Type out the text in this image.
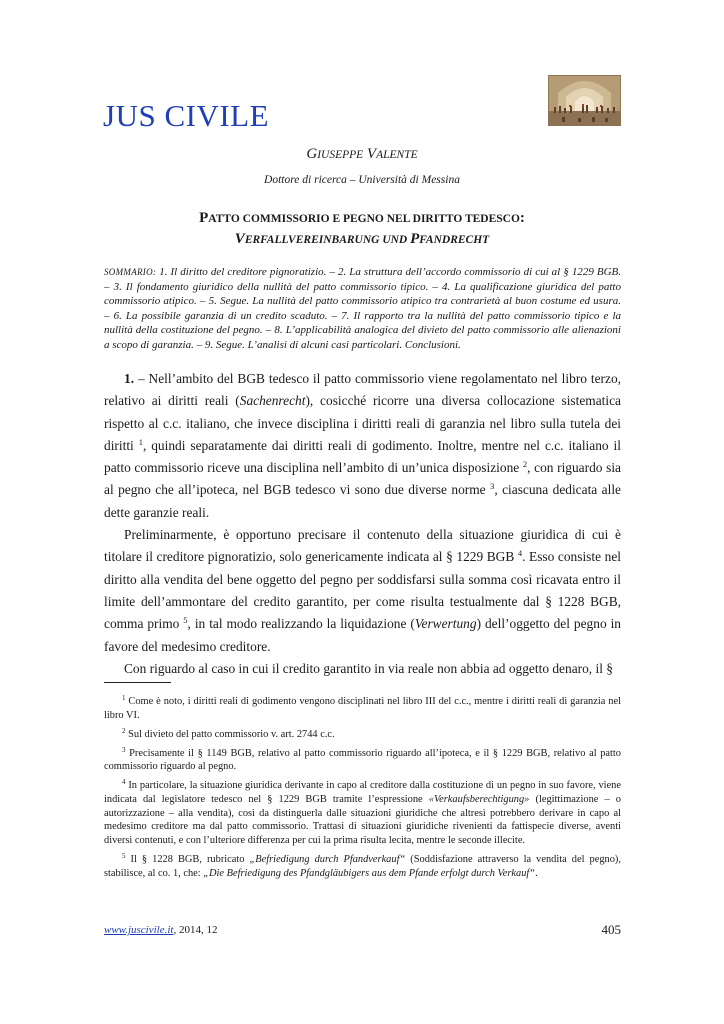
JUS CIVILE
GIUSEPPE VALENTE
Dottore di ricerca – Università di Messina
PATTO COMMISSORIO E PEGNO NEL DIRITTO TEDESCO:
VERFALLVEREINBARUNG UND PFANDRECHT
SOMMARIO: 1. Il diritto del creditore pignoratizio. – 2. La struttura dell’accordo commissorio di cui al § 1229 BGB. – 3. Il fondamento giuridico della nullità del patto commissorio tipico. – 4. La qualificazione giuridica del patto commissorio atipico. – 5. Segue. La nullità del patto commissorio atipico tra contrarietà al buon costume ed usura. – 6. La possibile garanzia di un credito scaduto. – 7. Il rapporto tra la nullità del patto commissorio tipico e la nullità della costituzione del pegno. – 8. L’applicabilità analogica del divieto del patto commissorio alle alienazioni a scopo di garanzia. – 9. Segue. L’analisi di alcuni casi particolari. Conclusioni.

1. – Nell’ambito del BGB tedesco il patto commissorio viene regolamentato nel libro terzo, relativo ai diritti reali (Sachenrecht), cosicché ricorre una diversa collocazione sistematica rispetto al c.c. italiano, che invece disciplina i diritti reali di garanzia nel libro sulla tutela dei diritti $^1$, quindi separatamente dai diritti reali di godimento. Inoltre, mentre nel c.c. italiano il patto commissorio riceve una disciplina nell’ambito di un’unica disposizione $^2$, con riguardo sia al pegno che all’ipoteca, nel BGB tedesco vi sono due diverse norme $^3$, ciascuna dedicata alle dette garanzie reali.

Preliminarmente, è opportuno precisare il contenuto della situazione giuridica di cui è titolare il creditore pignoratizio, solo genericamente indicata al § 1229 BGB $^4$. Esso consiste nel diritto alla vendita del bene oggetto del pegno per soddisfarsi sulla somma così ricavata entro il limite dell’ammontare del credito garantito, per come risulta testualmente dal § 1228 BGB, comma primo $^5$, in tal modo realizzando la liquidazione (Verwertung) dell’oggetto del pegno in favore del medesimo creditore.

Con riguardo al caso in cui il credito garantito in via reale non abbia ad oggetto denaro, il §

$^1$ Come è noto, i diritti reali di godimento vengono disciplinati nel libro III del c.c., mentre i diritti reali di garanzia nel libro VI.

$^2$ Sul divieto del patto commissorio v. art. 2744 c.c.

$^3$ Precisamente il § 1149 BGB, relativo al patto commissorio riguardo all’ipoteca, e il § 1229 BGB, relativo al patto commissorio riguardo al pegno.

$^4$ In particolare, la situazione giuridica derivante in capo al creditore dalla costituzione di un pegno in suo favore, viene indicata dal legislatore tedesco nel § 1229 BGB tramite l’espressione «Verkaufsberechtigung» (legittimazione – o autorizzazione – alla vendita), così da distinguerla dalle situazioni giuridiche che altresì potrebbero derivare in capo al medesimo creditore ma dal patto commissorio. Trattasi di situazioni giuridiche rivenienti da fattispecie diverse, aventi diversi contenuti, e con l’ulteriore differenza per cui la prima risulta lecita, mentre le seconde illecite.

$^5$ Il § 1228 BGB, rubricato „Befriedigung durch Pfandverkauf“ (Soddisfazione attraverso la vendita del pegno), stabilisce, al co. 1, che: „Die Befriedigung des Pfandgläubigers aus dem Pfande erfolgt durch Verkauf“.

www.juscivile.it, 2014, 12	405
